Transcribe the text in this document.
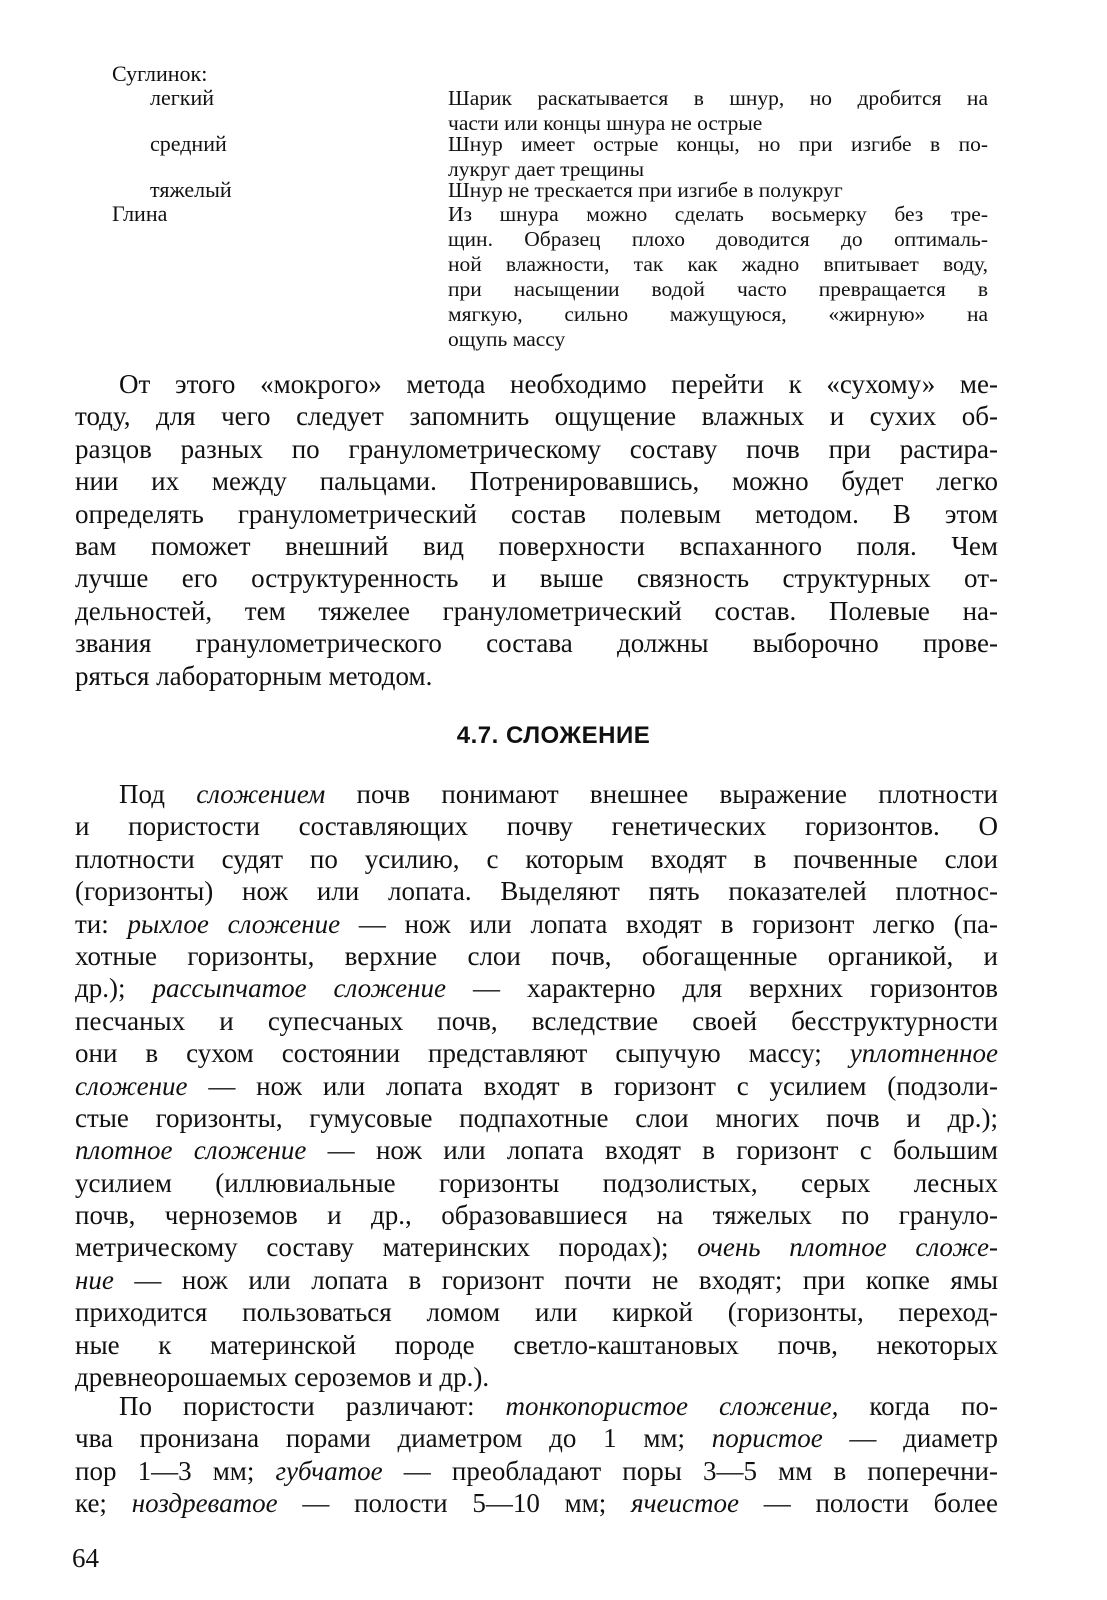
Суглинок:
легкий	Шарик раскатывается в шнур, но дробится на
части или концы шнура не острые
средний	Шнур имеет острые концы, но при изгибе в по-
лукруг дает трещины
тяжелый	Шнур не трескается при изгибе в полукруг
Глина	Из шнура можно сделать восьмерку без тре-
щин. Образец плохо доводится до оптималь-
ной влажности, так как жадно впитывает воду,
при насыщении водой часто превращается в
мягкую, сильно мажущуюся, «жирную» на
ощупь массу
От этого «мокрого» метода необходимо перейти к «сухому» ме-
тоду, для чего следует запомнить ощущение влажных и сухих об-
разцов разных по гранулометрическому составу почв при растира-
нии их между пальцами. Потренировавшись, можно будет легко
определять гранулометрический состав полевым методом. В этом
вам поможет внешний вид поверхности вспаханного поля. Чем
лучше его оструктуренность и выше связность структурных от-
дельностей, тем тяжелее гранулометрический состав. Полевые на-
звания гранулометрического состава должны выборочно прове-
ряться лабораторным методом.
4.7. СЛОЖЕНИЕ
Под сложением почв понимают внешнее выражение плотности
и пористости составляющих почву генетических горизонтов. О
плотности судят по усилию, с которым входят в почвенные слои
(горизонты) нож или лопата. Выделяют пять показателей плотнос-
ти: рыхлое сложение — нож или лопата входят в горизонт легко (па-
хотные горизонты, верхние слои почв, обогащенные органикой, и
др.); рассыпчатое сложение — характерно для верхних горизонтов
песчаных и супесчаных почв, вследствие своей бесструктурности
они в сухом состоянии представляют сыпучую массу; уплотненное
сложение — нож или лопата входят в горизонт с усилием (подзоли-
стые горизонты, гумусовые подпахотные слои многих почв и др.);
плотное сложение — нож или лопата входят в горизонт с большим
усилием (иллювиальные горизонты подзолистых, серых лесных
почв, черноземов и др., образовавшиеся на тяжелых по грануло-
метрическому составу материнских породах); очень плотное сложе-
ние — нож или лопата в горизонт почти не входят; при копке ямы
приходится пользоваться ломом или киркой (горизонты, переход-
ные к материнской породе светло-каштановых почв, некоторых
древнеорошаемых сероземов и др.).
По пористости различают: тонкопористое сложение, когда по-
чва пронизана порами диаметром до 1 мм; пористое — диаметр
пор 1—3 мм; губчатое — преобладают поры 3—5 мм в поперечни-
ке; ноздреватое — полости 5—10 мм; ячеистое — полости более
64
